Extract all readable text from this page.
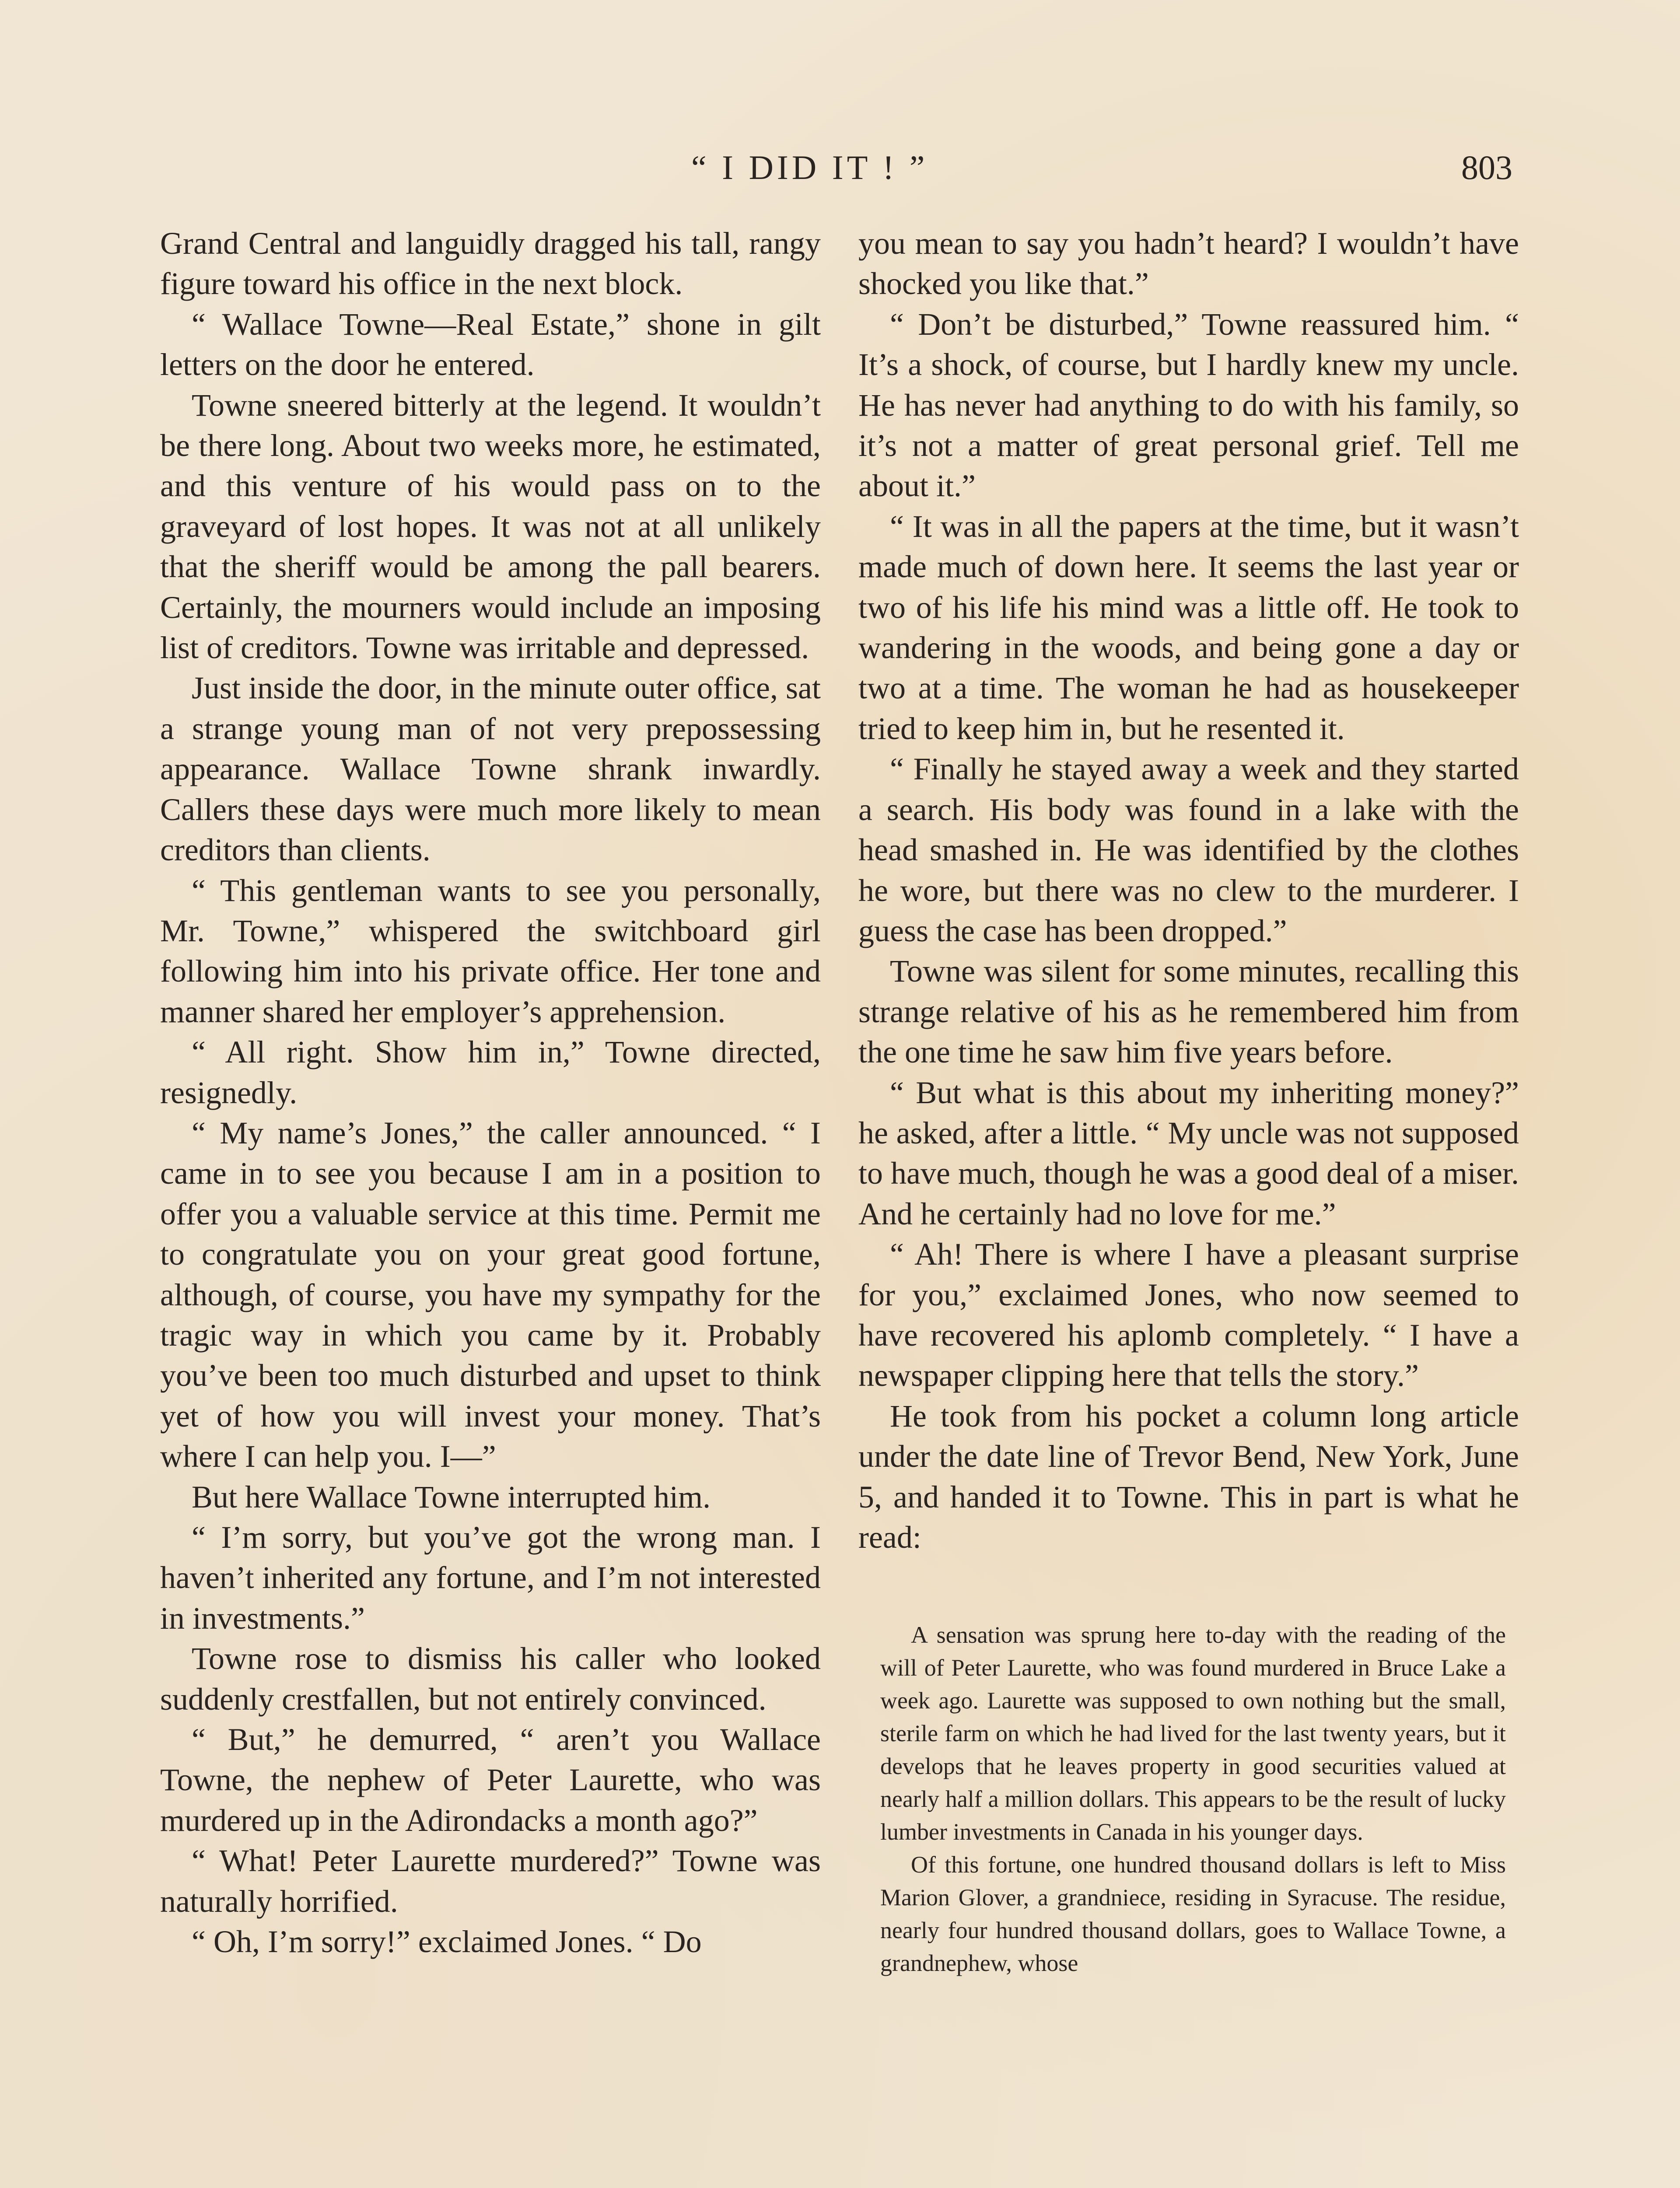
“ I DID IT ! ”	803

Grand Central and languidly dragged his tall, rangy figure toward his office in the next block.

“ Wallace Towne—Real Estate,” shone in gilt letters on the door he entered.

Towne sneered bitterly at the legend. It wouldn’t be there long. About two weeks more, he estimated, and this venture of his would pass on to the graveyard of lost hopes. It was not at all unlikely that the sheriff would be among the pall bearers. Certainly, the mourners would include an imposing list of creditors. Towne was irritable and depressed.

Just inside the door, in the minute outer office, sat a strange young man of not very prepossessing appearance. Wallace Towne shrank inwardly. Callers these days were much more likely to mean creditors than clients.

“ This gentleman wants to see you personally, Mr. Towne,” whispered the switchboard girl following him into his private office. Her tone and manner shared her employer’s apprehension.

“ All right. Show him in,” Towne directed, resignedly.

“ My name’s Jones,” the caller announced. “ I came in to see you because I am in a position to offer you a valuable service at this time. Permit me to congratulate you on your great good fortune, although, of course, you have my sympathy for the tragic way in which you came by it. Probably you’ve been too much disturbed and upset to think yet of how you will invest your money. That’s where I can help you. I—”

But here Wallace Towne interrupted him.

“ I’m sorry, but you’ve got the wrong man. I haven’t inherited any fortune, and I’m not interested in investments.”

Towne rose to dismiss his caller who looked suddenly crestfallen, but not entirely convinced.

“ But,” he demurred, “ aren’t you Wallace Towne, the nephew of Peter Laurette, who was murdered up in the Adirondacks a month ago?”

“ What! Peter Laurette murdered?” Towne was naturally horrified.

“ Oh, I’m sorry!” exclaimed Jones. “ Do

you mean to say you hadn’t heard? I wouldn’t have shocked you like that.”

“ Don’t be disturbed,” Towne reassured him. “ It’s a shock, of course, but I hardly knew my uncle. He has never had anything to do with his family, so it’s not a matter of great personal grief. Tell me about it.”

“ It was in all the papers at the time, but it wasn’t made much of down here. It seems the last year or two of his life his mind was a little off. He took to wandering in the woods, and being gone a day or two at a time. The woman he had as housekeeper tried to keep him in, but he resented it.

“ Finally he stayed away a week and they started a search. His body was found in a lake with the head smashed in. He was identified by the clothes he wore, but there was no clew to the murderer. I guess the case has been dropped.”

Towne was silent for some minutes, recalling this strange relative of his as he remembered him from the one time he saw him five years before.

“ But what is this about my inheriting money?” he asked, after a little. “ My uncle was not supposed to have much, though he was a good deal of a miser. And he certainly had no love for me.”

“ Ah! There is where I have a pleasant surprise for you,” exclaimed Jones, who now seemed to have recovered his aplomb completely. “ I have a newspaper clipping here that tells the story.”

He took from his pocket a column long article under the date line of Trevor Bend, New York, June 5, and handed it to Towne. This in part is what he read:

A sensation was sprung here to-day with the reading of the will of Peter Laurette, who was found murdered in Bruce Lake a week ago. Laurette was supposed to own nothing but the small, sterile farm on which he had lived for the last twenty years, but it develops that he leaves property in good securities valued at nearly half a million dollars. This appears to be the result of lucky lumber investments in Canada in his younger days.

Of this fortune, one hundred thousand dollars is left to Miss Marion Glover, a grandniece, residing in Syracuse. The residue, nearly four hundred thousand dollars, goes to Wallace Towne, a grandnephew, whose
